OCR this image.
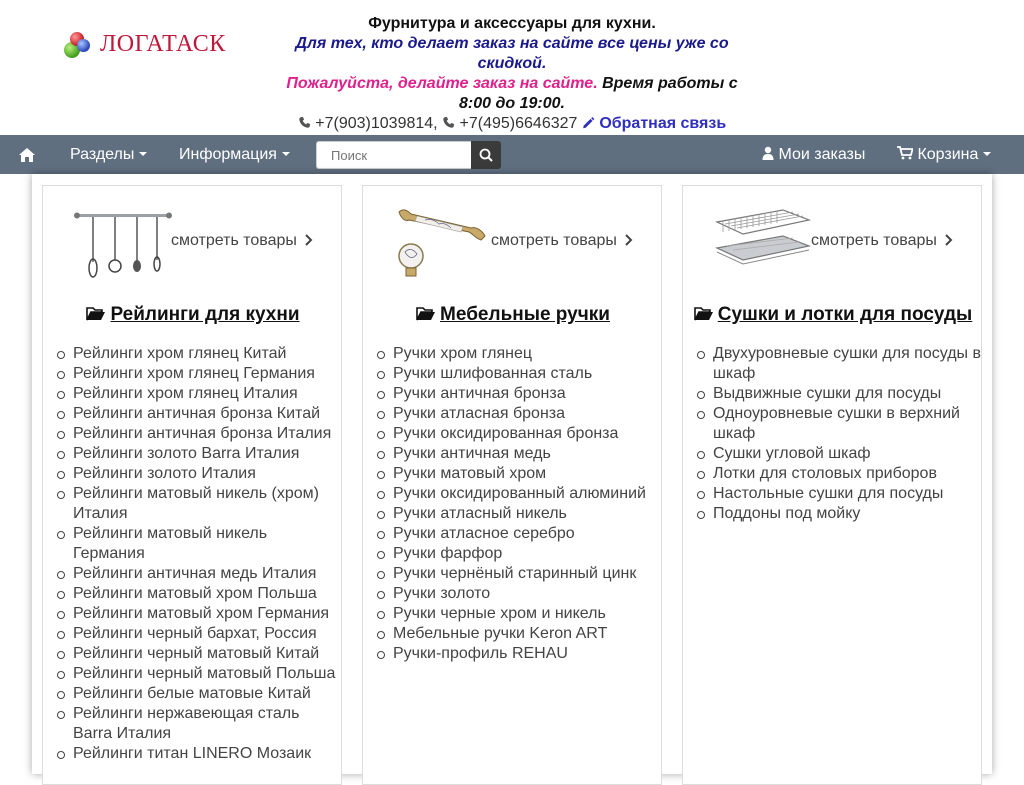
ЛОГАТАСК
Фурнитура и аксессуары для кухни.
Для тех, кто делает заказ на сайте все цены уже со скидкой.
Пожалуйста, делайте заказ на сайте. Время работы с 8:00 до 19:00.
+7(903)1039814, +7(495)6646327 Обратная связь
Разделы	Информация	Мои заказы	Корзина
Поиск
смотреть товары
Рейлинги для кухни
Рейлинги хром глянец Китай
Рейлинги хром глянец Германия
Рейлинги хром глянец Италия
Рейлинги античная бронза Китай
Рейлинги античная бронза Италия
Рейлинги золото Barra Италия
Рейлинги золото Италия
Рейлинги матовый никель (хром) Италия
Рейлинги матовый никель Германия
Рейлинги античная медь Италия
Рейлинги матовый хром Польша
Рейлинги матовый хром Германия
Рейлинги черный бархат, Россия
Рейлинги черный матовый Китай
Рейлинги черный матовый Польша
Рейлинги белые матовые Китай
Рейлинги нержавеющая сталь Barra Италия
Рейлинги титан LINERO Мозаик
смотреть товары
Мебельные ручки
Ручки хром глянец
Ручки шлифованная сталь
Ручки античная бронза
Ручки атласная бронза
Ручки оксидированная бронза
Ручки античная медь
Ручки матовый хром
Ручки оксидированный алюминий
Ручки атласный никель
Ручки атласное серебро
Ручки фарфор
Ручки чернёный старинный цинк
Ручки золото
Ручки черные хром и никель
Мебельные ручки Keron ART
Ручки-профиль REHAU
смотреть товары
Сушки и лотки для посуды
Двухуровневые сушки для посуды в шкаф
Выдвижные сушки для посуды
Одноуровневые сушки в верхний шкаф
Сушки угловой шкаф
Лотки для столовых приборов
Настольные сушки для посуды
Поддоны под мойку
